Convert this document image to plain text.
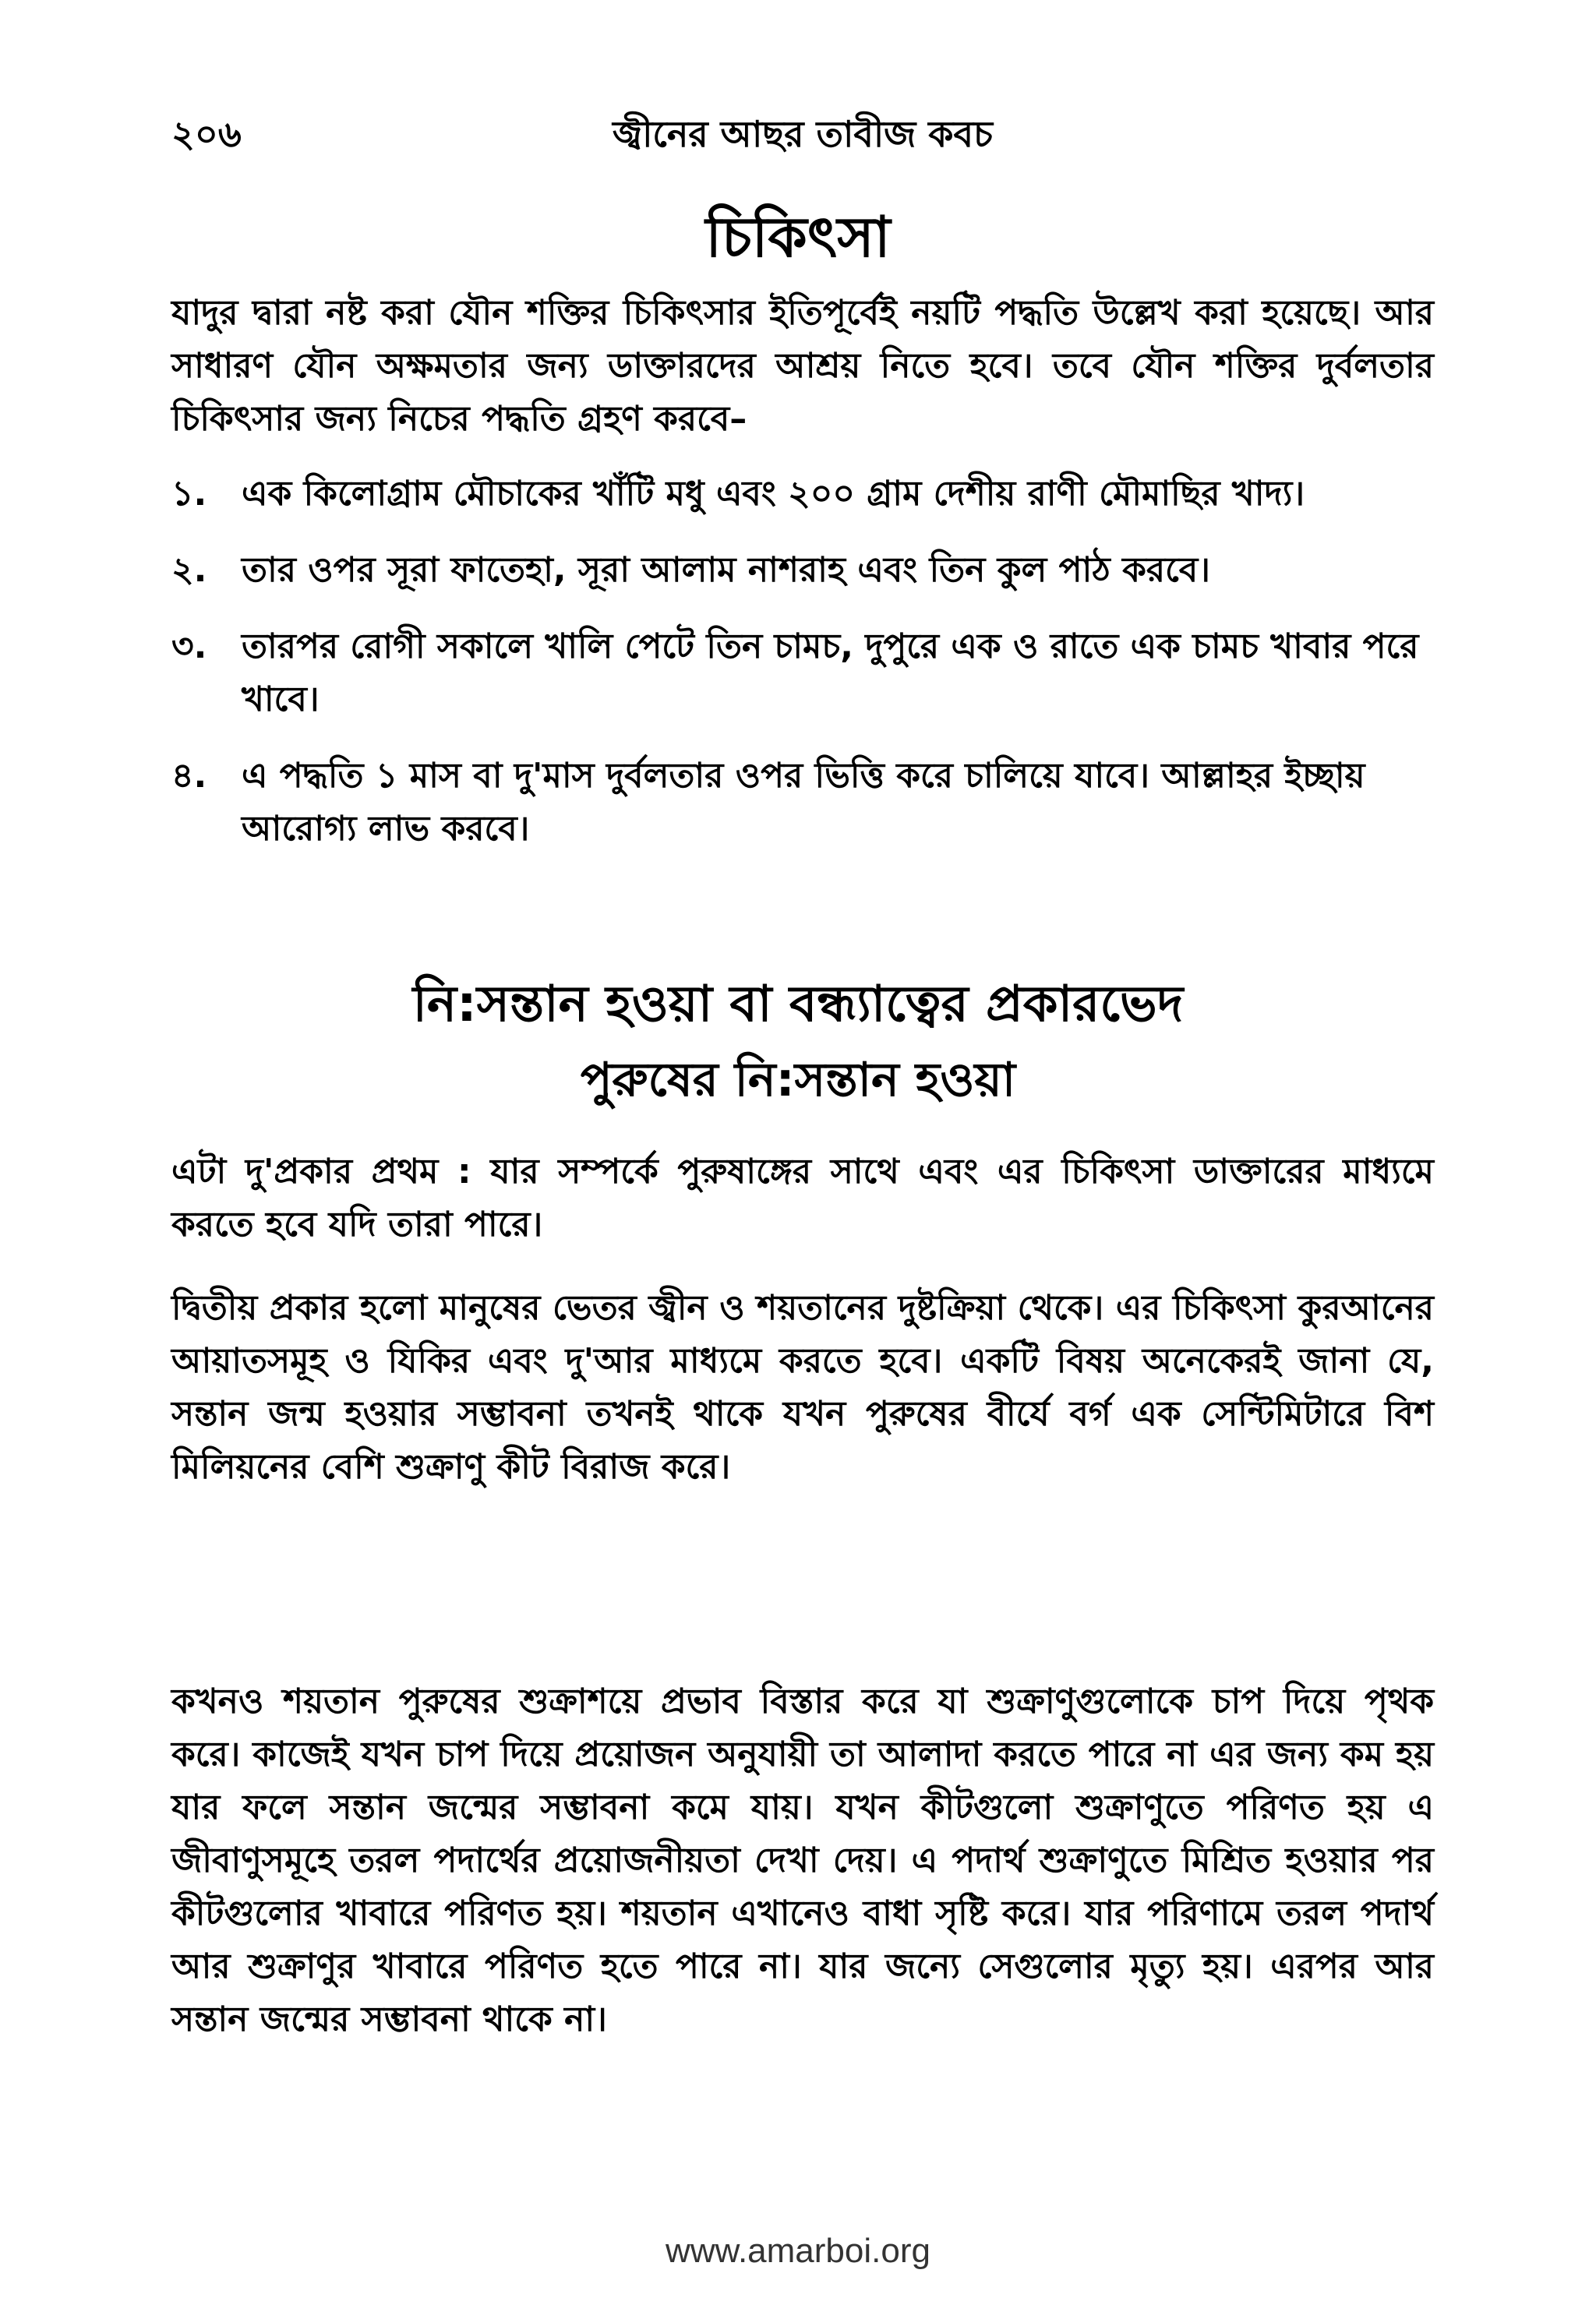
২০৬	জ্বীনের আছর তাবীজ কবচ
চিকিৎসা

যাদুর দ্বারা নষ্ট করা যৌন শক্তির চিকিৎসার ইতিপূর্বেই নয়টি পদ্ধতি উল্লেখ করা হয়েছে। আর সাধারণ যৌন অক্ষমতার জন্য ডাক্তারদের আশ্রয় নিতে হবে। তবে যৌন শক্তির দুর্বলতার চিকিৎসার জন্য নিচের পদ্ধতি গ্রহণ করবে–

১.	এক কিলোগ্রাম মৌচাকের খাঁটি মধু এবং ২০০ গ্রাম দেশীয় রাণী মৌমাছির খাদ্য।
২.	তার ওপর সূরা ফাতেহা, সূরা আলাম নাশরাহ এবং তিন কুল পাঠ করবে।
৩.	তারপর রোগী সকালে খালি পেটে তিন চামচ, দুপুরে এক ও রাতে এক চামচ খাবার পরে খাবে।
৪.	এ পদ্ধতি ১ মাস বা দু'মাস দুর্বলতার ওপর ভিত্তি করে চালিয়ে যাবে। আল্লাহর ইচ্ছায় আরোগ্য লাভ করবে।
নি:সন্তান হওয়া বা বন্ধ্যাত্বের প্রকারভেদ
পুরুষের নি:সন্তান হওয়া

এটা দু'প্রকার প্রথম : যার সম্পর্কে পুরুষাঙ্গের সাথে এবং এর চিকিৎসা ডাক্তারের মাধ্যমে করতে হবে যদি তারা পারে।

দ্বিতীয় প্রকার হলো মানুষের ভেতর জ্বীন ও শয়তানের দুষ্টক্রিয়া থেকে। এর চিকিৎসা কুরআনের আয়াতসমূহ ও যিকির এবং দু'আর মাধ্যমে করতে হবে। একটি বিষয় অনেকেরই জানা যে, সন্তান জন্ম হওয়ার সম্ভাবনা তখনই থাকে যখন পুরুষের বীর্যে বর্গ এক সেন্টিমিটারে বিশ মিলিয়নের বেশি শুক্রাণু কীট বিরাজ করে।

কখনও শয়তান পুরুষের শুক্রাশয়ে প্রভাব বিস্তার করে যা শুক্রাণুগুলোকে চাপ দিয়ে পৃথক করে। কাজেই যখন চাপ দিয়ে প্রয়োজন অনুযায়ী তা আলাদা করতে পারে না এর জন্য কম হয় যার ফলে সন্তান জন্মের সম্ভাবনা কমে যায়। যখন কীটগুলো শুক্রাণুতে পরিণত হয় এ জীবাণুসমূহে তরল পদার্থের প্রয়োজনীয়তা দেখা দেয়। এ পদার্থ শুক্রাণুতে মিশ্রিত হওয়ার পর কীটগুলোর খাবারে পরিণত হয়। শয়তান এখানেও বাধা সৃষ্টি করে। যার পরিণামে তরল পদার্থ আর শুক্রাণুর খাবারে পরিণত হতে পারে না। যার জন্যে সেগুলোর মৃত্যু হয়। এরপর আর সন্তান জন্মের সম্ভাবনা থাকে না।

www.amarboi.org
